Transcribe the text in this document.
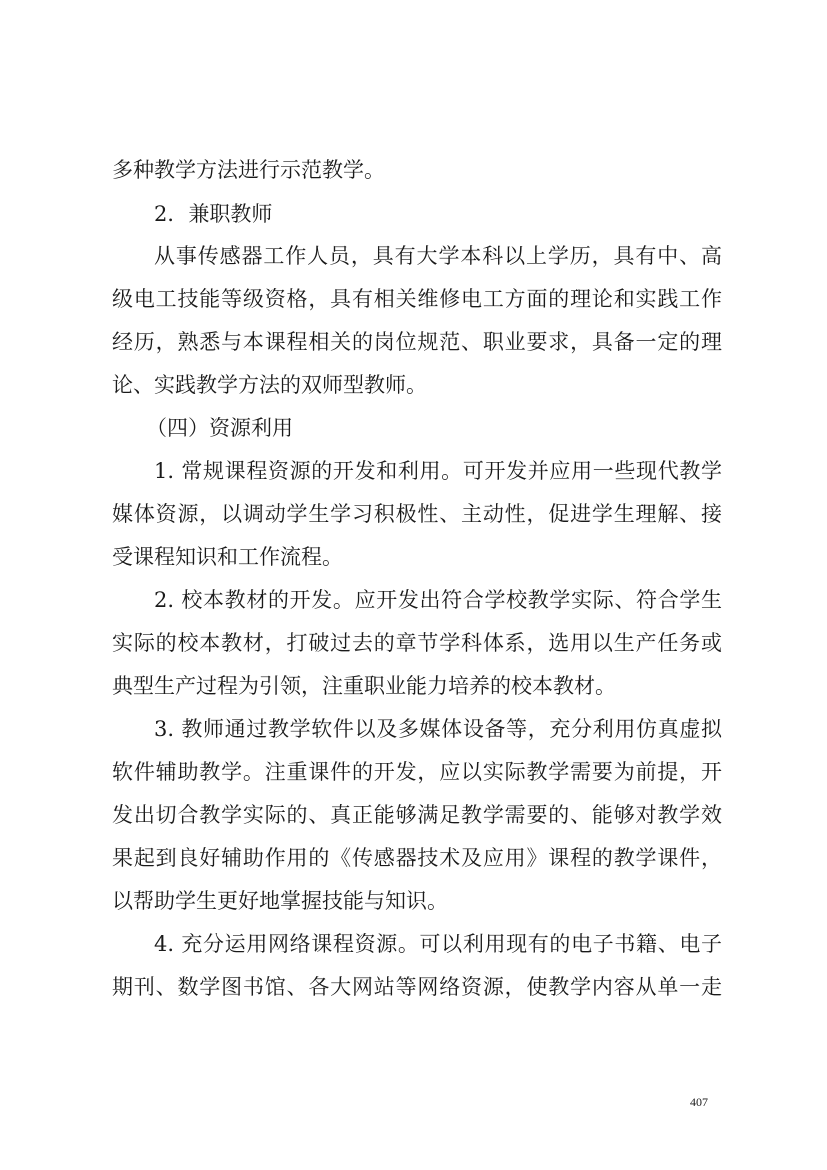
多种教学方法进行示范教学。
2．兼职教师
从事传感器工作人员，具有大学本科以上学历，具有中、高
级电工技能等级资格，具有相关维修电工方面的理论和实践工作
经历，熟悉与本课程相关的岗位规范、职业要求，具备一定的理
论、实践教学方法的双师型教师。
（四）资源利用
1. 常规课程资源的开发和利用。可开发并应用一些现代教学
媒体资源，以调动学生学习积极性、主动性，促进学生理解、接
受课程知识和工作流程。
2. 校本教材的开发。应开发出符合学校教学实际、符合学生
实际的校本教材，打破过去的章节学科体系，选用以生产任务或
典型生产过程为引领，注重职业能力培养的校本教材。
3. 教师通过教学软件以及多媒体设备等，充分利用仿真虚拟
软件辅助教学。注重课件的开发，应以实际教学需要为前提，开
发出切合教学实际的、真正能够满足教学需要的、能够对教学效
果起到良好辅助作用的《传感器技术及应用》课程的教学课件，
以帮助学生更好地掌握技能与知识。
4. 充分运用网络课程资源。可以利用现有的电子书籍、电子
期刊、数学图书馆、各大网站等网络资源，使教学内容从单一走
407
